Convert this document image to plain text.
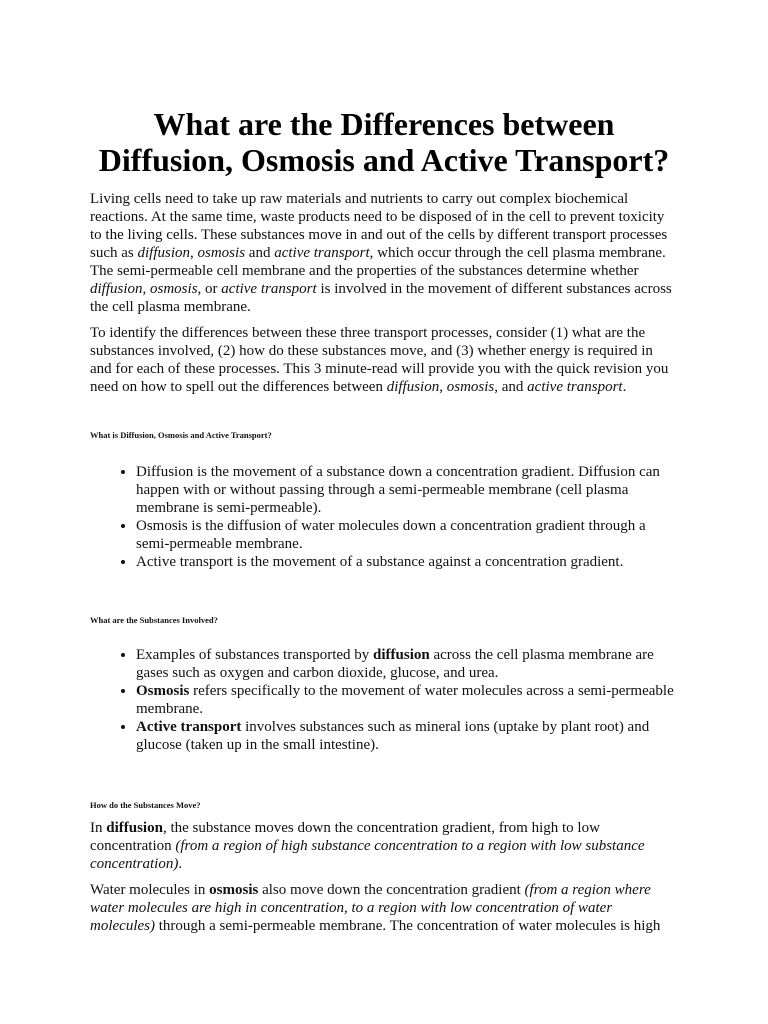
What are the Differences between Diffusion, Osmosis and Active Transport?

Living cells need to take up raw materials and nutrients to carry out complex biochemical reactions. At the same time, waste products need to be disposed of in the cell to prevent toxicity to the living cells. These substances move in and out of the cells by different transport processes such as diffusion, osmosis and active transport, which occur through the cell plasma membrane. The semi-permeable cell membrane and the properties of the substances determine whether diffusion, osmosis, or active transport is involved in the movement of different substances across the cell plasma membrane.

To identify the differences between these three transport processes, consider (1) what are the substances involved, (2) how do these substances move, and (3) whether energy is required in and for each of these processes. This 3 minute-read will provide you with the quick revision you need on how to spell out the differences between diffusion, osmosis, and active transport.

What is Diffusion, Osmosis and Active Transport?
• Diffusion is the movement of a substance down a concentration gradient. Diffusion can happen with or without passing through a semi-permeable membrane (cell plasma membrane is semi-permeable).
• Osmosis is the diffusion of water molecules down a concentration gradient through a semi-permeable membrane.
• Active transport is the movement of a substance against a concentration gradient.
What are the Substances Involved?
• Examples of substances transported by diffusion across the cell plasma membrane are gases such as oxygen and carbon dioxide, glucose, and urea.
• Osmosis refers specifically to the movement of water molecules across a semi-permeable membrane.
• Active transport involves substances such as mineral ions (uptake by plant root) and glucose (taken up in the small intestine).
How do the Substances Move?

In diffusion, the substance moves down the concentration gradient, from high to low concentration (from a region of high substance concentration to a region with low substance concentration).

Water molecules in osmosis also move down the concentration gradient (from a region where water molecules are high in concentration, to a region with low concentration of water molecules) through a semi-permeable membrane. The concentration of water molecules is high
